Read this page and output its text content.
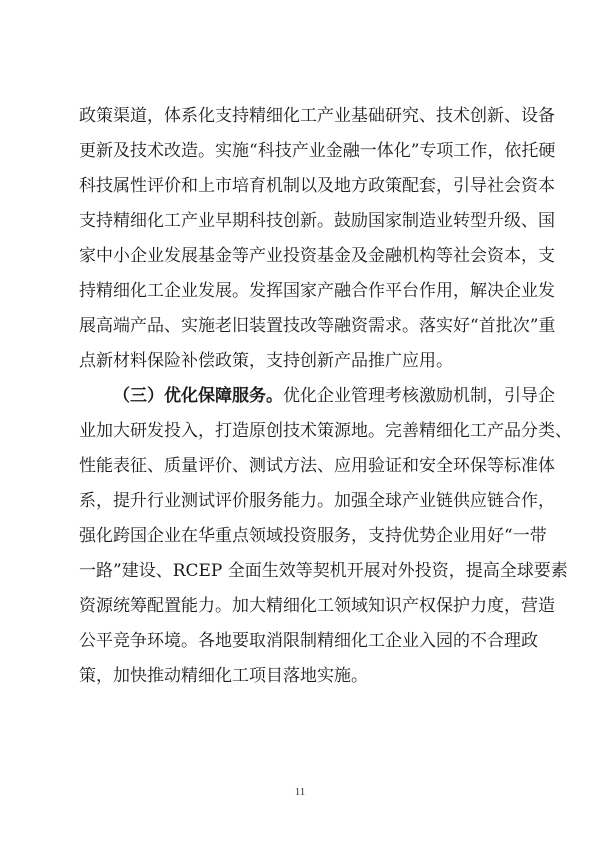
政策渠道，体系化支持精细化工产业基础研究、技术创新、设备
更新及技术改造。实施“科技产业金融一体化”专项工作，依托硬
科技属性评价和上市培育机制以及地方政策配套，引导社会资本
支持精细化工产业早期科技创新。鼓励国家制造业转型升级、国
家中小企业发展基金等产业投资基金及金融机构等社会资本，支
持精细化工企业发展。发挥国家产融合作平台作用，解决企业发
展高端产品、实施老旧装置技改等融资需求。落实好“首批次”重
点新材料保险补偿政策，支持创新产品推广应用。
（三）优化保障服务。优化企业管理考核激励机制，引导企
业加大研发投入，打造原创技术策源地。完善精细化工产品分类、
性能表征、质量评价、测试方法、应用验证和安全环保等标准体
系，提升行业测试评价服务能力。加强全球产业链供应链合作，
强化跨国企业在华重点领域投资服务，支持优势企业用好“一带
一路”建设、RCEP 全面生效等契机开展对外投资，提高全球要素
资源统筹配置能力。加大精细化工领域知识产权保护力度，营造
公平竞争环境。各地要取消限制精细化工企业入园的不合理政
策，加快推动精细化工项目落地实施。
11
